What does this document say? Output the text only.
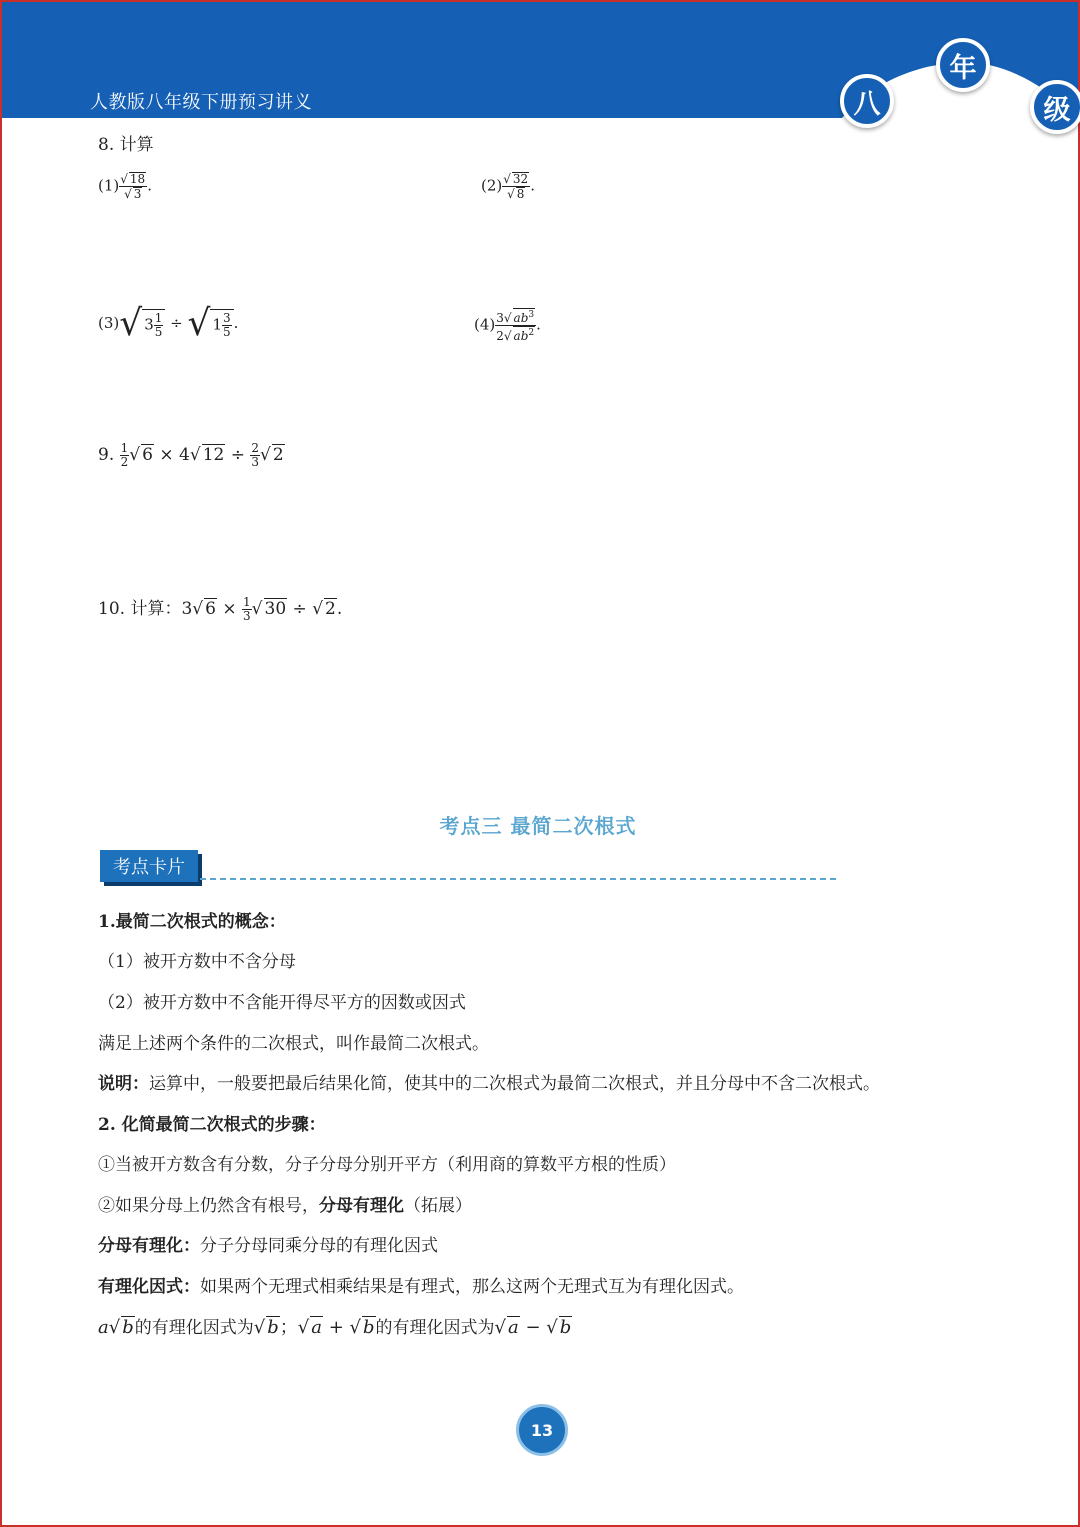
人教版八年级下册预习讲义	八
年
级
8. 计算
$(1) \frac{√ 18}{√ 3}$ .	$(2) \frac{√ 32}{√ 8}$ .
(3)√ $3 \frac{1}{5}$ ÷ √ $1 \frac{3}{5}$ .	$(4) \frac{3√ ab^3}{2√ ab^2}$ .
9. $\frac{1}{2}$ √ 6 × 4√ $12 \div \frac{2}{3}$ √ 2
10. 计算：3√ $6 \times \frac{1}{3}$ √ 30 ÷ √ 2.
考点三 最简二次根式
考点卡片
1.最简二次根式的概念：
（1）被开方数中不含分母
（2）被开方数中不含能开得尽平方的因数或因式
满足上述两个条件的二次根式，叫作最简二次根式。
说明：运算中，一般要把最后结果化简，使其中的二次根式为最简二次根式，并且分母中不含二次根式。
2. 化简最简二次根式的步骤：
①当被开方数含有分数，分子分母分别开平方（利用商的算数平方根的性质）
②如果分母上仍然含有根号，分母有理化（拓展）
分母有理化：分子分母同乘分母的有理化因式
有理化因式：如果两个无理式相乘结果是有理式，那么这两个无理式互为有理化因式。
a√ b的有理化因式为√ b；√ a + √ b的有理化因式为√ a − √ b
13
